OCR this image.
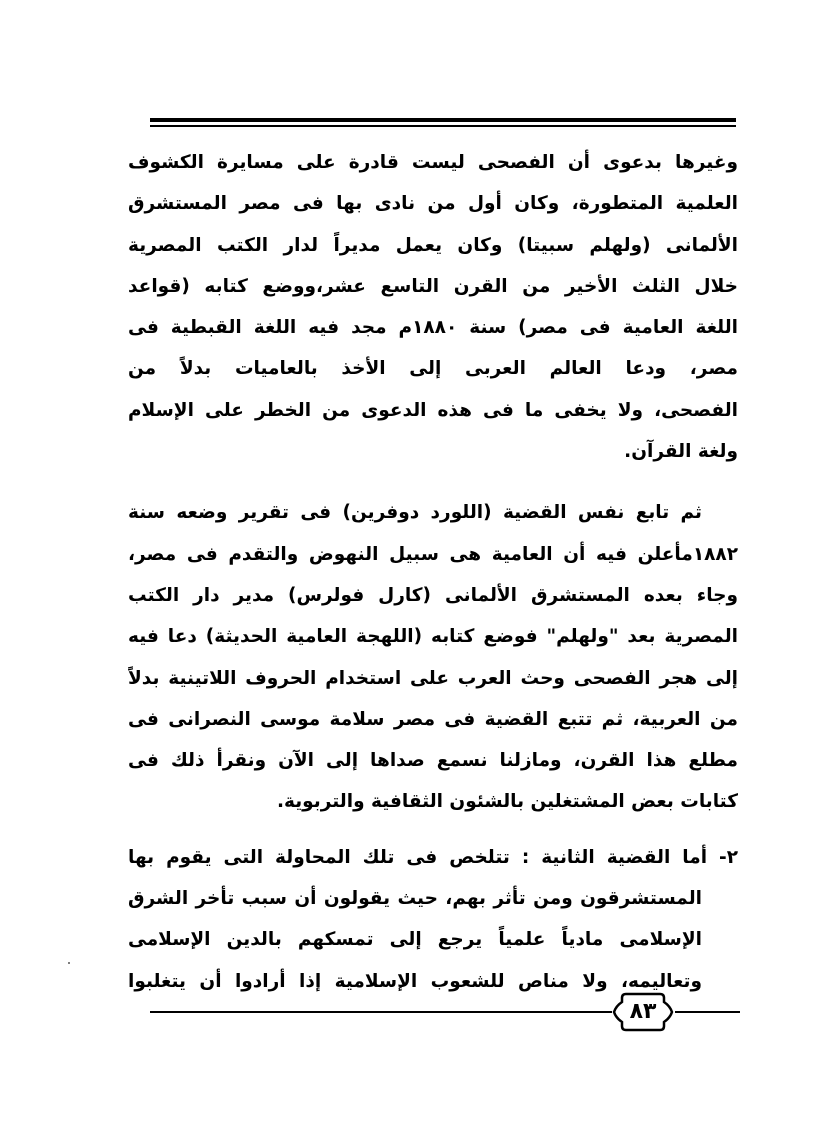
وغيرها بدعوى أن الفصحى ليست قادرة على مسايرة الكشوف
العلمية المتطورة، وكان أول من نادى بها فى مصر المستشرق
الألمانى (ولهلم سبيتا) وكان يعمل مديراً لدار الكتب المصرية
خلال الثلث الأخير من القرن التاسع عشر،ووضع كتابه (قواعد
اللغة العامية فى مصر) سنة ١٨٨٠م مجد فيه اللغة القبطية فى
مصر، ودعا العالم العربى إلى الأخذ بالعاميات بدلاً من
الفصحى، ولا يخفى ما فى هذه الدعوى من الخطر على الإسلام
ولغة القرآن.

ثم تابع نفس القضية (اللورد دوفرين) فى تقرير وضعه سنة
١٨٨٢مأعلن فيه أن العامية هى سبيل النهوض والتقدم فى مصر،
وجاء بعده المستشرق الألمانى (كارل فولرس) مدير دار الكتب
المصرية بعد "ولهلم" فوضع كتابه (اللهجة العامية الحديثة) دعا فيه
إلى هجر الفصحى وحث العرب على استخدام الحروف اللاتينية بدلاً
من العربية، ثم تتبع القضية فى مصر سلامة موسى النصرانى فى
مطلع هذا القرن، ومازلنا نسمع صداها إلى الآن ونقرأ ذلك فى
كتابات بعض المشتغلين بالشئون الثقافية والتربوية.

٢- أما القضية الثانية : تتلخص فى تلك المحاولة التى يقوم بها
المستشرقون ومن تأثر بهم، حيث يقولون أن سبب تأخر الشرق
الإسلامى مادياً علمياً يرجع إلى تمسكهم بالدين الإسلامى
وتعاليمه، ولا مناص للشعوب الإسلامية إذا أرادوا أن يتغلبوا

٨٣
